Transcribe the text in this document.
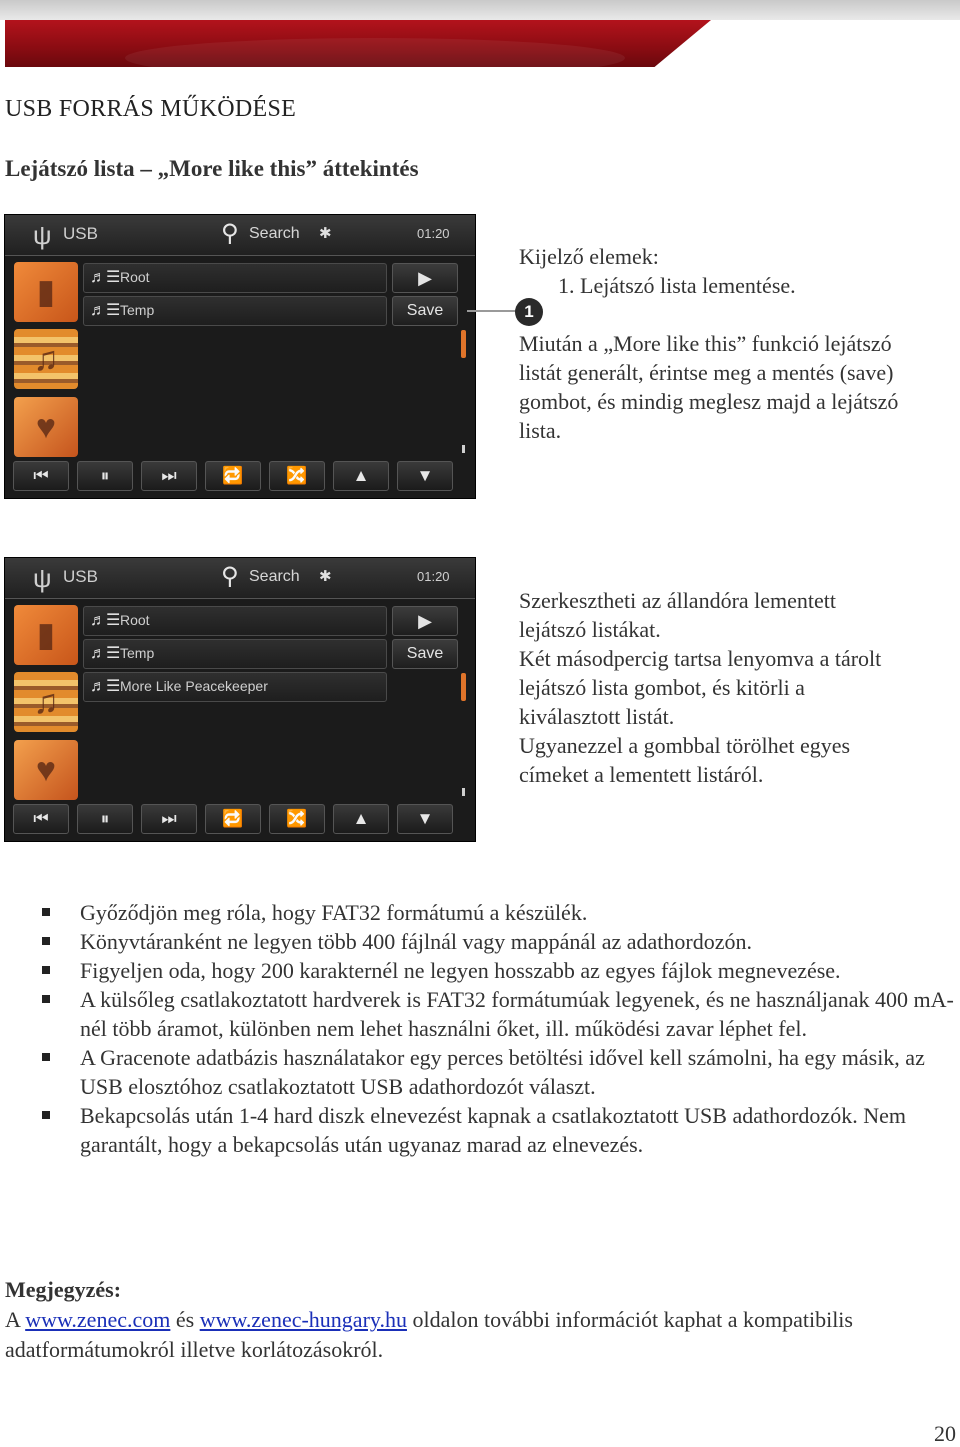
USB FORRÁS MŰKÖDÉSE
Lejátszó lista – „More like this” áttekintés
ψ USB	⚲ Search ✱	01:20
▮
♫
♥
♬☰ Root
♬☰ Temp
▶
Save
⏮	⏸	⏭	🔁	🔀	▲	▼
1
Kijelző elemek:
1. Lejátszó lista lementése.
Miután a „More like this” funkció lejátszó
listát generált, érintse meg a mentés (save)
gombot, és mindig meglesz majd a lejátszó
lista.
ψ USB	⚲ Search ✱	01:20
▮
♫
♥
♬☰ Root
♬☰ Temp
♬☰ More Like Peacekeeper
▶
Save
⏮	⏸	⏭	🔁	🔀	▲	▼
Szerkesztheti az állandóra lementett
lejátszó listákat.
Két másodpercig tartsa lenyomva a tárolt
lejátszó lista gombot, és kitörli a
kiválasztott listát.
Ugyanezzel a gombbal törölhet egyes
címeket a lementett listáról.
Győződjön meg róla, hogy FAT32 formátumú a készülék.
Könyvtáranként ne legyen több 400 fájlnál vagy mappánál az adathordozón.
Figyeljen oda, hogy 200 karakternél ne legyen hosszabb az egyes fájlok megnevezése.
A külsőleg csatlakoztatott hardverek is FAT32 formátumúak legyenek, és ne használjanak 400 mA-nél több áramot, különben nem lehet használni őket, ill. működési zavar léphet fel.
A Gracenote adatbázis használatakor egy perces betöltési idővel kell számolni, ha egy másik, az USB elosztóhoz csatlakoztatott USB adathordozót választ.
Bekapcsolás után 1-4 hard diszk elnevezést kapnak a csatlakoztatott USB adathordozók. Nem garantált, hogy a bekapcsolás után ugyanaz marad az elnevezés.
Megjegyzés:
A www.zenec.com és www.zenec-hungary.hu oldalon további információt kaphat a kompatibilis adatformátumokról illetve korlátozásokról.
20
